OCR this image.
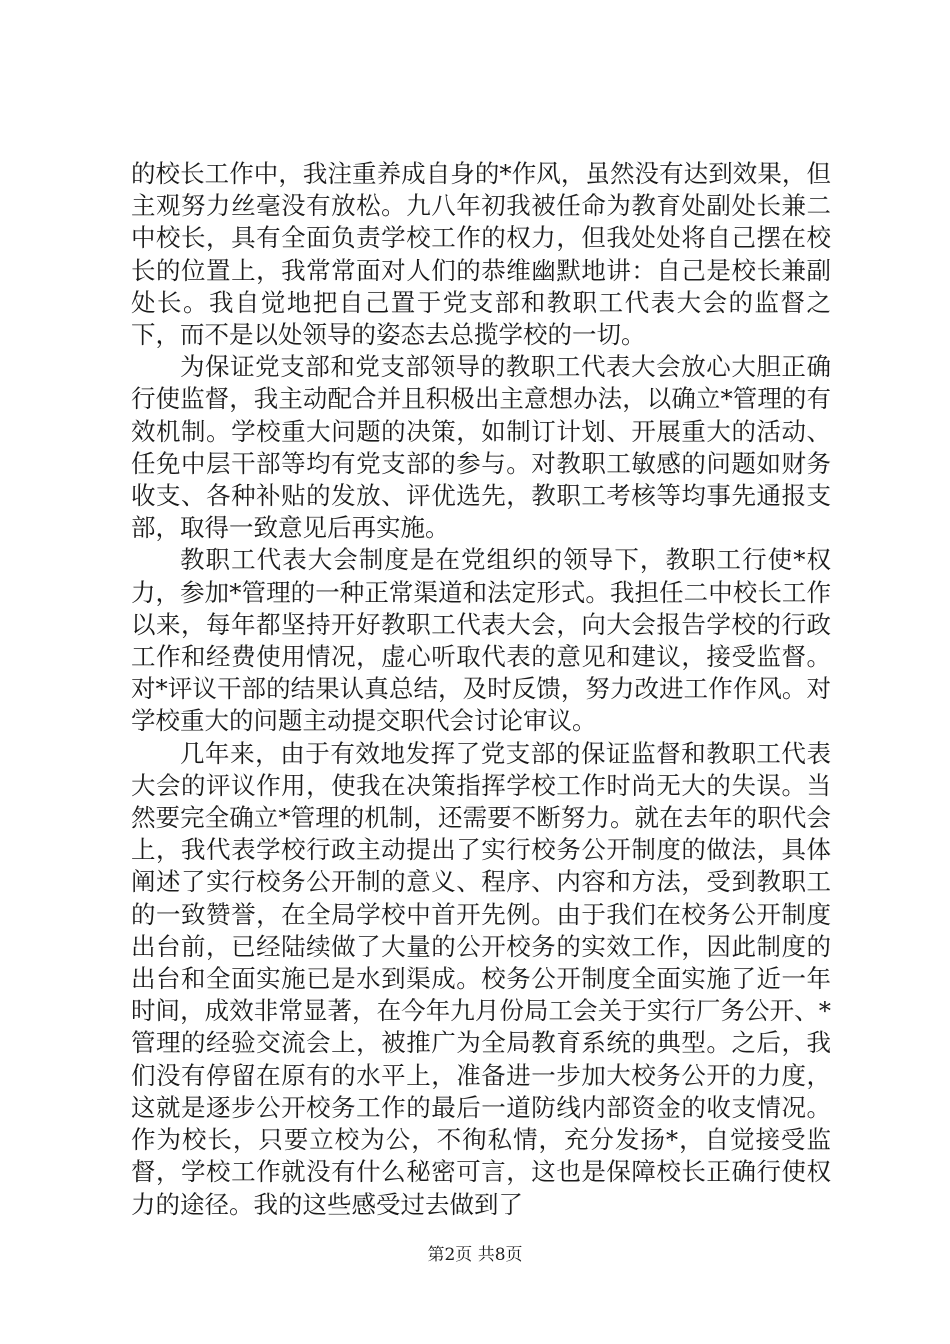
的校长工作中，我注重养成自身的*作风，虽然没有达到效果，但主观努力丝毫没有放松。九八年初我被任命为教育处副处长兼二中校长，具有全面负责学校工作的权力，但我处处将自己摆在校长的位置上，我常常面对人们的恭维幽默地讲：自己是校长兼副处长。我自觉地把自己置于党支部和教职工代表大会的监督之下，而不是以处领导的姿态去总揽学校的一切。

为保证党支部和党支部领导的教职工代表大会放心大胆正确行使监督，我主动配合并且积极出主意想办法，以确立*管理的有效机制。学校重大问题的决策，如制订计划、开展重大的活动、任免中层干部等均有党支部的参与。对教职工敏感的问题如财务收支、各种补贴的发放、评优选先，教职工考核等均事先通报支部，取得一致意见后再实施。

教职工代表大会制度是在党组织的领导下，教职工行使*权力，参加*管理的一种正常渠道和法定形式。我担任二中校长工作以来，每年都坚持开好教职工代表大会，向大会报告学校的行政工作和经费使用情况，虚心听取代表的意见和建议，接受监督。对*评议干部的结果认真总结，及时反馈，努力改进工作作风。对学校重大的问题主动提交职代会讨论审议。

几年来，由于有效地发挥了党支部的保证监督和教职工代表大会的评议作用，使我在决策指挥学校工作时尚无大的失误。当然要完全确立*管理的机制，还需要不断努力。就在去年的职代会上，我代表学校行政主动提出了实行校务公开制度的做法，具体阐述了实行校务公开制的意义、程序、内容和方法，受到教职工的一致赞誉，在全局学校中首开先例。由于我们在校务公开制度出台前，已经陆续做了大量的公开校务的实效工作，因此制度的出台和全面实施已是水到渠成。校务公开制度全面实施了近一年时间，成效非常显著，在今年九月份局工会关于实行厂务公开、*管理的经验交流会上，被推广为全局教育系统的典型。之后，我们没有停留在原有的水平上，准备进一步加大校务公开的力度，这就是逐步公开校务工作的最后一道防线内部资金的收支情况。作为校长，只要立校为公，不徇私情，充分发扬*，自觉接受监督，学校工作就没有什么秘密可言，这也是保障校长正确行使权力的途径。我的这些感受过去做到了

第2页 共8页
